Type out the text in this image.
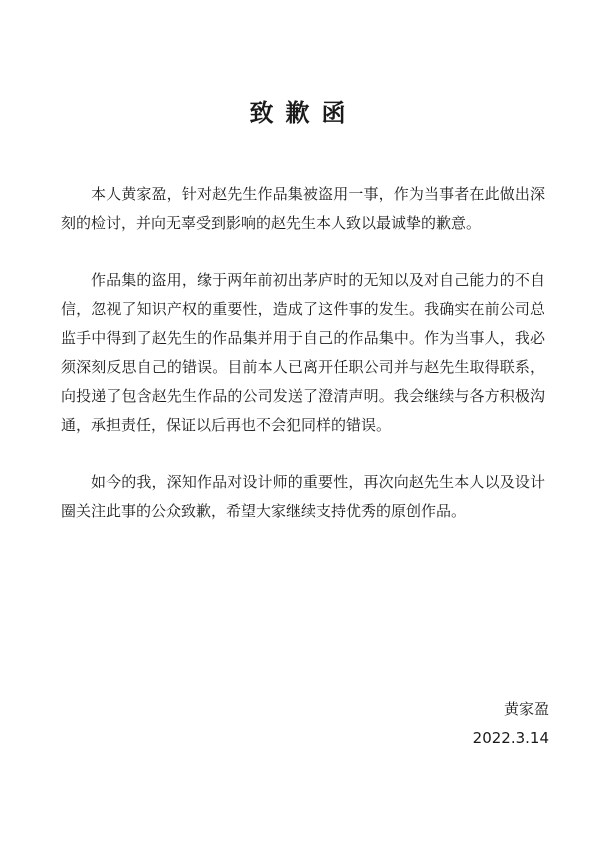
致歉函

本人黄家盈，针对赵先生作品集被盗用一事，作为当事者在此做出深刻的检讨，并向无辜受到影响的赵先生本人致以最诚挚的歉意。

作品集的盗用，缘于两年前初出茅庐时的无知以及对自己能力的不自信，忽视了知识产权的重要性，造成了这件事的发生。我确实在前公司总监手中得到了赵先生的作品集并用于自己的作品集中。作为当事人，我必须深刻反思自己的错误。目前本人已离开任职公司并与赵先生取得联系，向投递了包含赵先生作品的公司发送了澄清声明。我会继续与各方积极沟通，承担责任，保证以后再也不会犯同样的错误。

如今的我，深知作品对设计师的重要性，再次向赵先生本人以及设计圈关注此事的公众致歉，希望大家继续支持优秀的原创作品。

黄家盈
2022.3.14
